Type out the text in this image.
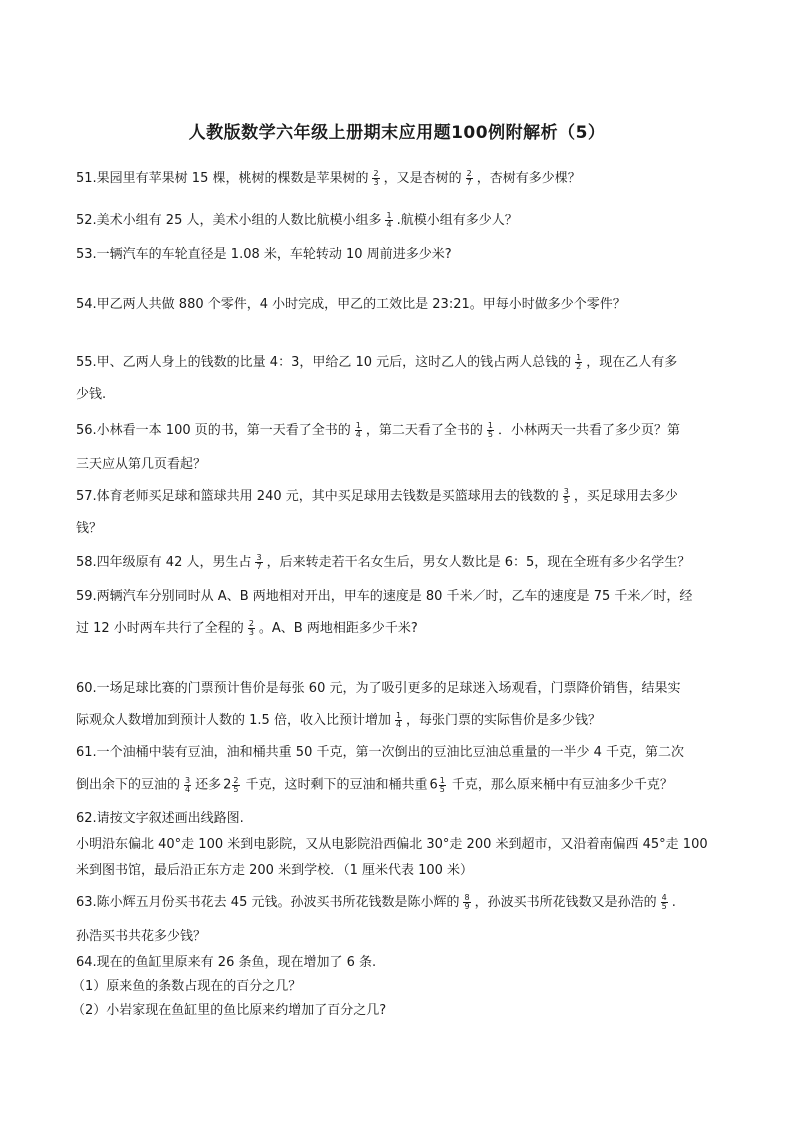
人教版数学六年级上册期末应用题100例附解析（5）
51.果园里有苹果树 15 棵，桃树的棵数是苹果树的 $\frac{2}{3}$ ，又是杏树的 $\frac{2}{7}$ ，杏树有多少棵？
52.美术小组有 25 人，美术小组的人数比航模小组多 $\frac{1}{4}$ .航模小组有多少人？
53.一辆汽车的车轮直径是 1.08 米，车轮转动 10 周前进多少米?
54.甲乙两人共做 880 个零件，4 小时完成，甲乙的工效比是 23:21。甲每小时做多少个零件？
55.甲、乙两人身上的钱数的比量 4：3，甲给乙 10 元后，这时乙人的钱占两人总钱的 $\frac{1}{2}$ ，现在乙人有多
少钱.
56.小林看一本 100 页的书，第一天看了全书的 $\frac{1}{4}$ ，第二天看了全书的 $\frac{1}{5}$ ．小林两天一共看了多少页？第
三天应从第几页看起？
57.体育老师买足球和篮球共用 240 元，其中买足球用去钱数是买篮球用去的钱数的 $\frac{3}{5}$ ，买足球用去多少
钱？
58.四年级原有 42 人，男生占 $\frac{3}{7}$ ，后来转走若干名女生后，男女人数比是 6：5，现在全班有多少名学生？
59.两辆汽车分别同时从 A、B 两地相对开出，甲车的速度是 80 千米／时，乙车的速度是 75 千米／时，经
过 12 小时两车共行了全程的 $\frac{2}{3}$ 。A、B 两地相距多少千米?
60.一场足球比赛的门票预计售价是每张 60 元，为了吸引更多的足球迷入场观看，门票降价销售，结果实
际观众人数增加到预计人数的 1.5 倍，收入比预计增加 $\frac{1}{4}$ ，每张门票的实际售价是多少钱？
61.一个油桶中装有豆油，油和桶共重 50 千克，第一次倒出的豆油比豆油总重量的一半少 4 千克，第二次
倒出余下的豆油的 $\frac{3}{4}$ 还多 $2 \frac{2}{5}$ 千克，这时剩下的豆油和桶共重 $6 \frac{1}{5}$ 千克，那么原来桶中有豆油多少千克？
62.请按文字叙述画出线路图.
小明沿东偏北 40°走 100 米到电影院，又从电影院沿西偏北 30°走 200 米到超市，又沿着南偏西 45°走 100
米到图书馆，最后沿正东方走 200 米到学校．（1 厘米代表 100 米）
63.陈小辉五月份买书花去 45 元钱。孙波买书所花钱数是陈小辉的 $\frac{8}{9}$ ，孙波买书所花钱数又是孙浩的 $\frac{4}{5}$ .
孙浩买书共花多少钱？
64.现在的鱼缸里原来有 26 条鱼，现在增加了 6 条.
（1）原来鱼的条数占现在的百分之几？
（2）小岩家现在鱼缸里的鱼比原来约增加了百分之几?
